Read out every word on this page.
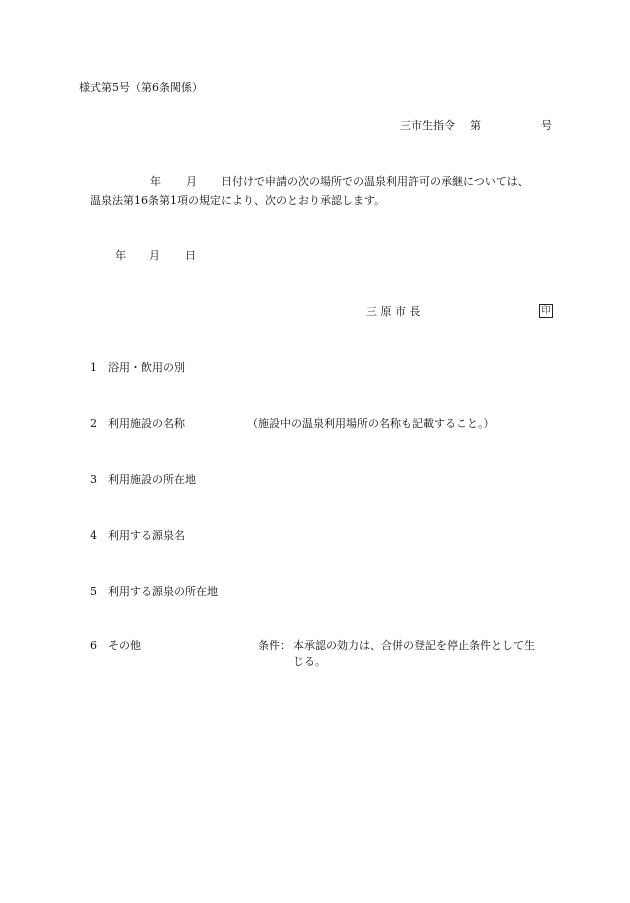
様式第5号（第6条関係）
三市生指令 第	号
年 月 日付けで申請の次の場所での温泉利用許可の承継については、
温泉法第16条第1項の規定により、次のとおり承認します。
年 月 日
三 原 市 長	印
1 浴用・飲用の別
2 利用施設の名称	（施設中の温泉利用場所の名称も記載すること。）
3 利用施設の所在地
4 利用する源泉名
5 利用する源泉の所在地
6 その他	条件： 本承認の効力は、合併の登記を停止条件として生
じる。
